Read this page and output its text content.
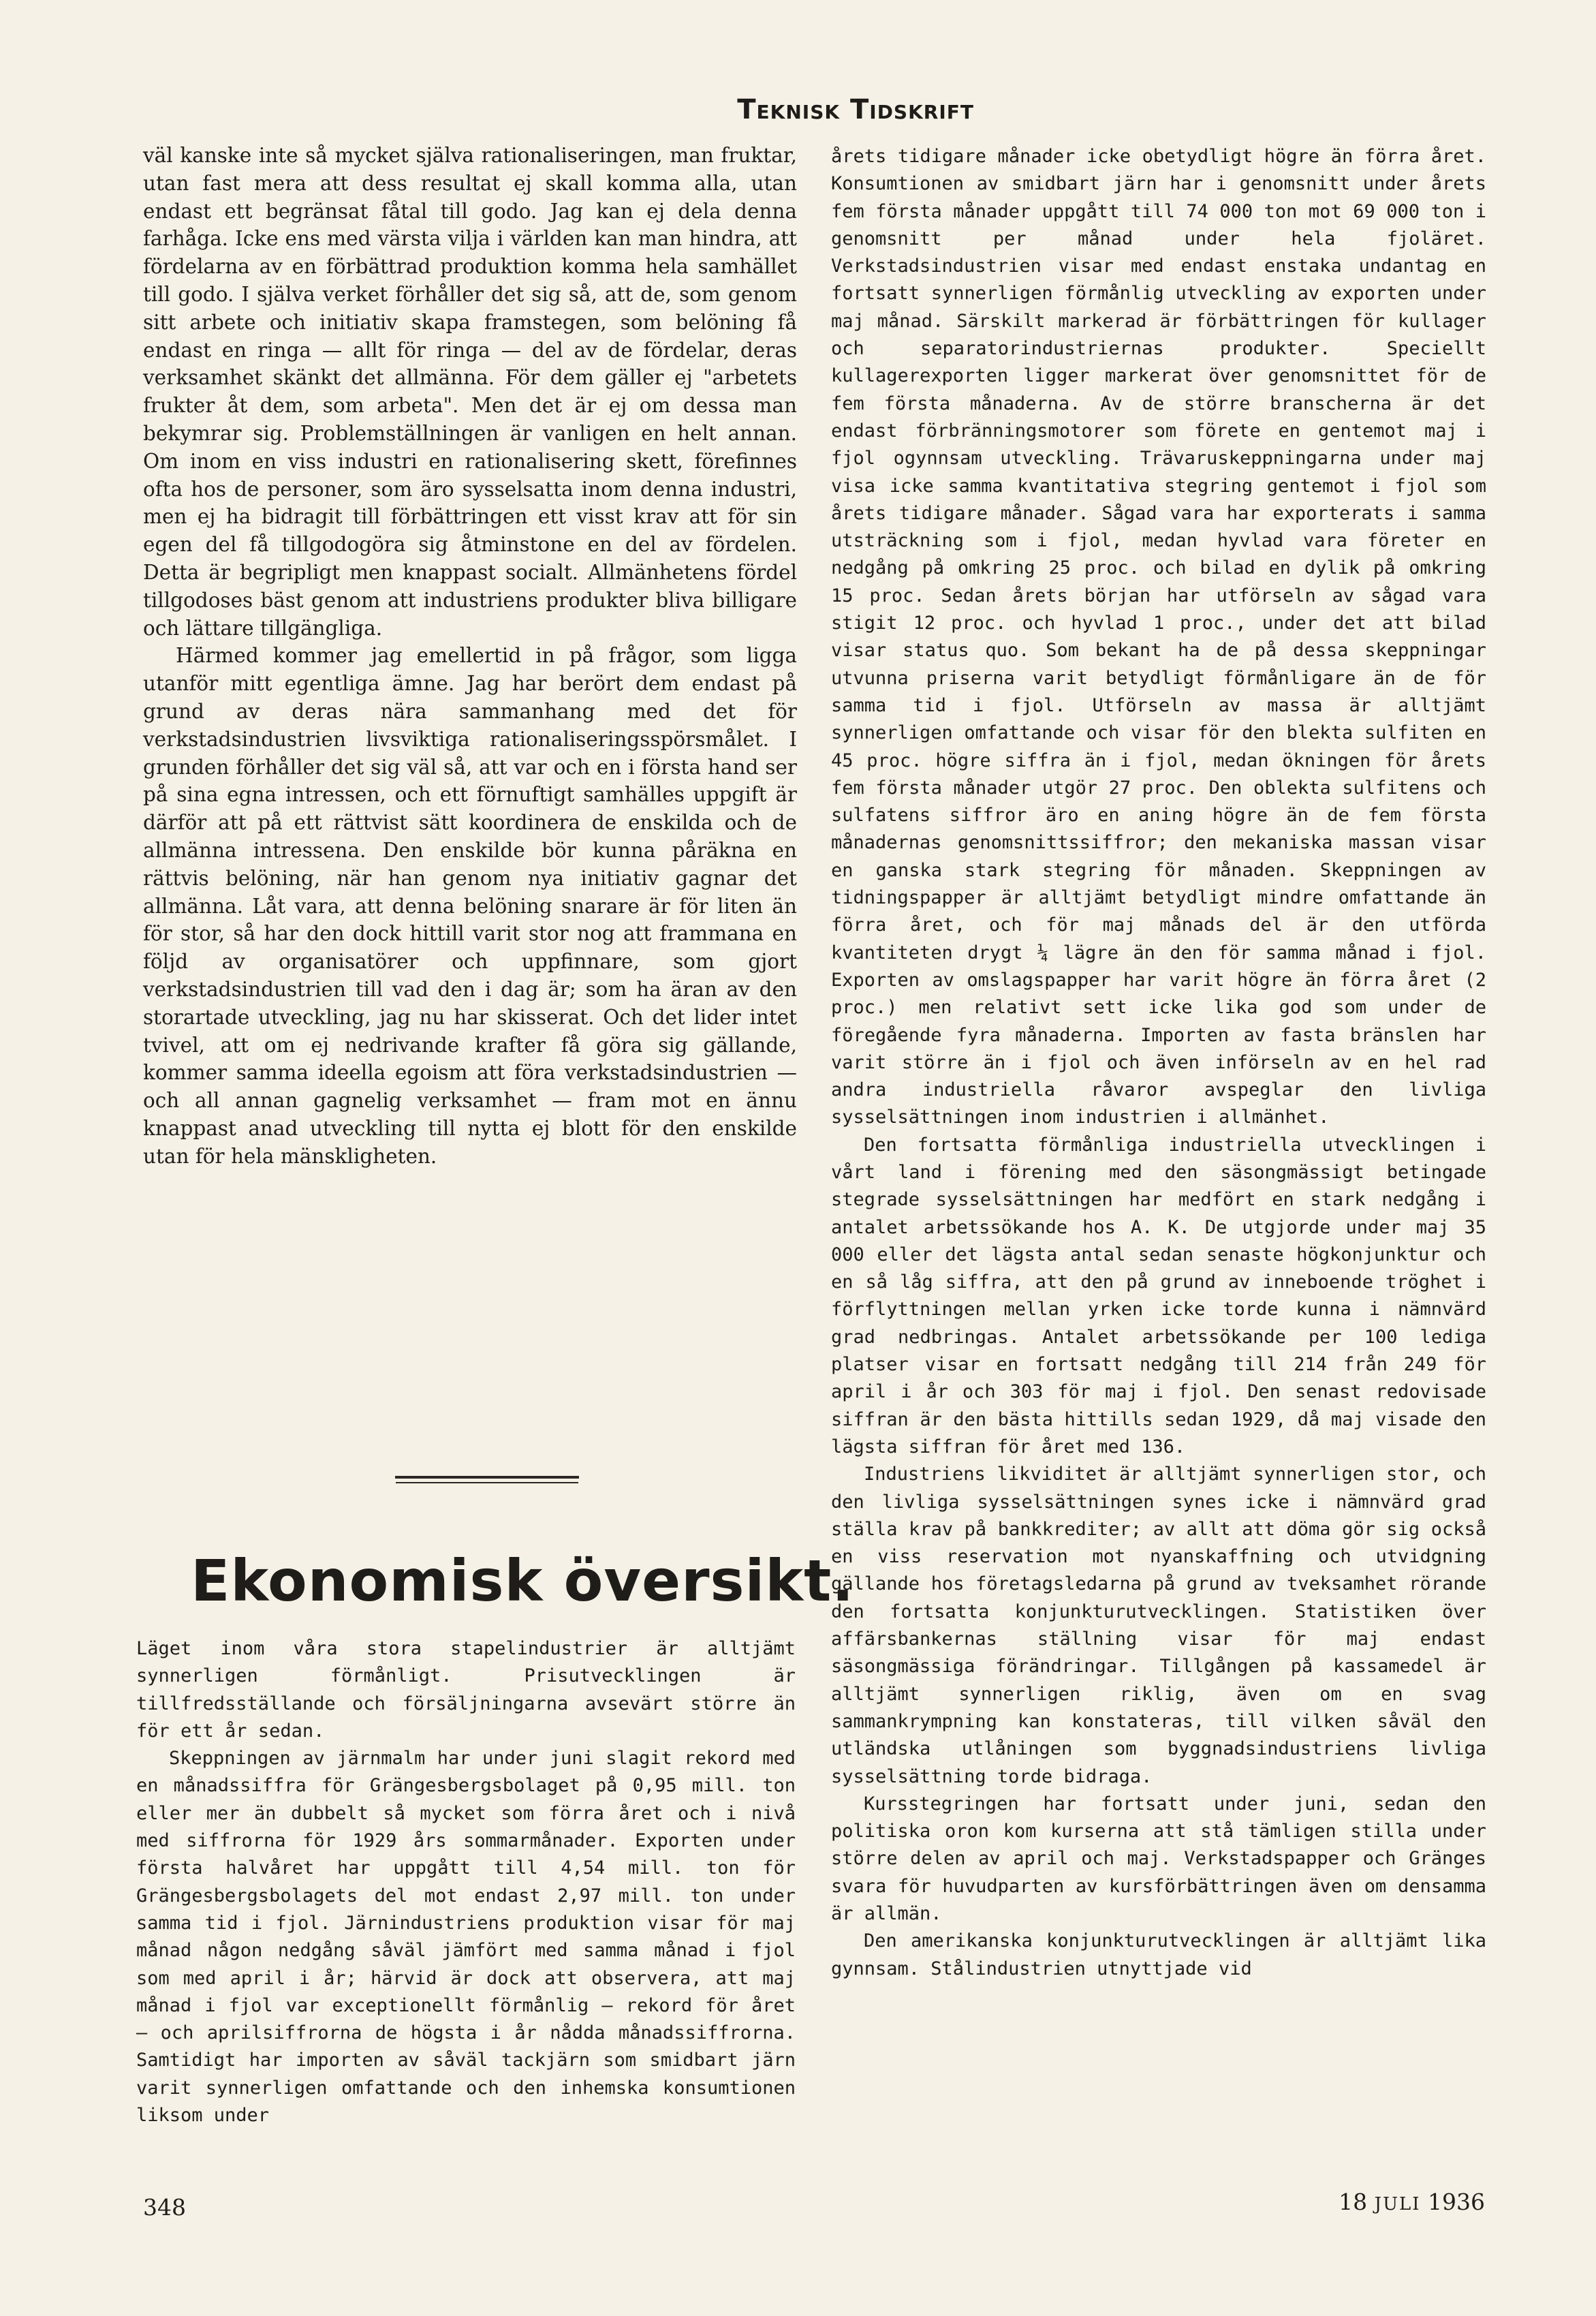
Teknisk Tidskrift

väl kanske inte så mycket själva rationaliseringen, man fruktar, utan fast mera att dess resultat ej skall komma alla, utan endast ett begränsat fåtal till godo. Jag kan ej dela denna farhåga. Icke ens med värsta vilja i världen kan man hindra, att fördelarna av en förbättrad produktion komma hela samhället till godo. I själva verket förhåller det sig så, att de, som genom sitt arbete och initiativ skapa framstegen, som belöning få endast en ringa — allt för ringa — del av de fördelar, deras verksamhet skänkt det allmänna. För dem gäller ej "arbetets frukter åt dem, som arbeta". Men det är ej om dessa man bekymrar sig. Problemställningen är vanligen en helt annan. Om inom en viss industri en rationalisering skett, förefinnes ofta hos de personer, som äro sysselsatta inom denna industri, men ej ha bidragit till förbättringen ett visst krav att för sin egen del få tillgodogöra sig åtminstone en del av fördelen. Detta är begripligt men knappast socialt. Allmänhetens fördel tillgodoses bäst genom att industriens produkter bliva billigare och lättare tillgängliga.

Härmed kommer jag emellertid in på frågor, som ligga utanför mitt egentliga ämne. Jag har berört dem endast på grund av deras nära sammanhang med det för verkstadsindustrien livsviktiga rationaliseringsspörsmålet. I grunden förhåller det sig väl så, att var och en i första hand ser på sina egna intressen, och ett förnuftigt samhälles uppgift är därför att på ett rättvist sätt koordinera de enskilda och de allmänna intressena. Den enskilde bör kunna påräkna en rättvis belöning, när han genom nya initiativ gagnar det allmänna. Låt vara, att denna belöning snarare är för liten än för stor, så har den dock hittill varit stor nog att frammana en följd av organisatörer och uppfinnare, som gjort verkstadsindustrien till vad den i dag är; som ha äran av den storartade utveckling, jag nu har skisserat. Och det lider intet tvivel, att om ej nedrivande krafter få göra sig gällande, kommer samma ideella egoism att föra verkstadsindustrien — och all annan gagnelig verksamhet — fram mot en ännu knappast anad utveckling till nytta ej blott för den enskilde utan för hela mänskligheten.

Ekonomisk översikt.

Läget inom våra stora stapelindustrier är alltjämt synnerligen förmånligt. Prisutvecklingen är tillfredsställande och försäljningarna avsevärt större än för ett år sedan.

Skeppningen av järnmalm har under juni slagit rekord med en månadssiffra för Grängesbergsbolaget på 0,95 mill. ton eller mer än dubbelt så mycket som förra året och i nivå med siffrorna för 1929 års sommarmånader. Exporten under första halvåret har uppgått till 4,54 mill. ton för Grängesbergsbolagets del mot endast 2,97 mill. ton under samma tid i fjol. Järnindustriens produktion visar för maj månad någon nedgång såväl jämfört med samma månad i fjol som med april i år; härvid är dock att observera, att maj månad i fjol var exceptionellt förmånlig — rekord för året — och aprilsiffrorna de högsta i år nådda månadssiffrorna. Samtidigt har importen av såväl tackjärn som smidbart järn varit synnerligen omfattande och den inhemska konsumtionen liksom under

årets tidigare månader icke obetydligt högre än förra året. Konsumtionen av smidbart järn har i genomsnitt under årets fem första månader uppgått till 74 000 ton mot 69 000 ton i genomsnitt per månad under hela fjoläret. Verkstadsindustrien visar med endast enstaka undantag en fortsatt synnerligen förmånlig utveckling av exporten under maj månad. Särskilt markerad är förbättringen för kullager och separatorindustriernas produkter. Speciellt kullagerexporten ligger markerat över genomsnittet för de fem första månaderna. Av de större branscherna är det endast förbränningsmotorer som förete en gentemot maj i fjol ogynnsam utveckling. Trävaruskeppningarna under maj visa icke samma kvantitativa stegring gentemot i fjol som årets tidigare månader. Sågad vara har exporterats i samma utsträckning som i fjol, medan hyvlad vara företer en nedgång på omkring 25 proc. och bilad en dylik på omkring 15 proc. Sedan årets början har utförseln av sågad vara stigit 12 proc. och hyvlad 1 proc., under det att bilad visar status quo. Som bekant ha de på dessa skeppningar utvunna priserna varit betydligt förmånligare än de för samma tid i fjol. Utförseln av massa är alltjämt synnerligen omfattande och visar för den blekta sulfiten en 45 proc. högre siffra än i fjol, medan ökningen för årets fem första månader utgör 27 proc. Den oblekta sulfitens och sulfatens siffror äro en aning högre än de fem första månadernas genomsnittssiffror; den mekaniska massan visar en ganska stark stegring för månaden. Skeppningen av tidningspapper är alltjämt betydligt mindre omfattande än förra året, och för maj månads del är den utförda kvantiteten drygt ¼ lägre än den för samma månad i fjol. Exporten av omslagspapper har varit högre än förra året (2 proc.) men relativt sett icke lika god som under de föregående fyra månaderna. Importen av fasta bränslen har varit större än i fjol och även införseln av en hel rad andra industriella råvaror avspeglar den livliga sysselsättningen inom industrien i allmänhet.

Den fortsatta förmånliga industriella utvecklingen i vårt land i förening med den säsongmässigt betingade stegrade sysselsättningen har medfört en stark nedgång i antalet arbetssökande hos A. K. De utgjorde under maj 35 000 eller det lägsta antal sedan senaste högkonjunktur och en så låg siffra, att den på grund av inneboende tröghet i förflyttningen mellan yrken icke torde kunna i nämnvärd grad nedbringas. Antalet arbetssökande per 100 lediga platser visar en fortsatt nedgång till 214 från 249 för april i år och 303 för maj i fjol. Den senast redovisade siffran är den bästa hittills sedan 1929, då maj visade den lägsta siffran för året med 136.

Industriens likviditet är alltjämt synnerligen stor, och den livliga sysselsättningen synes icke i nämnvärd grad ställa krav på bankkrediter; av allt att döma gör sig också en viss reservation mot nyanskaffning och utvidgning gällande hos företagsledarna på grund av tveksamhet rörande den fortsatta konjunkturutvecklingen. Statistiken över affärsbankernas ställning visar för maj endast säsongmässiga förändringar. Tillgången på kassamedel är alltjämt synnerligen riklig, även om en svag sammankrympning kan konstateras, till vilken såväl den utländska utlåningen som byggnadsindustriens livliga sysselsättning torde bidraga.

Kursstegringen har fortsatt under juni, sedan den politiska oron kom kurserna att stå tämligen stilla under större delen av april och maj. Verkstadspapper och Gränges svara för huvudparten av kursförbättringen även om densamma är allmän.

Den amerikanska konjunkturutvecklingen är alltjämt lika gynnsam. Stålindustrien utnyttjade vid

348	18 JULI 1936
